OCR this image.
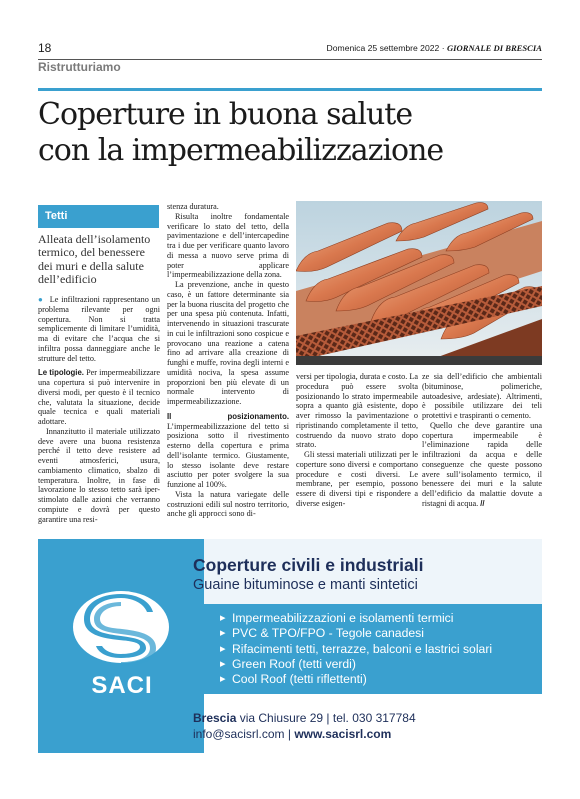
18	Domenica 25 settembre 2022 · GIORNALE DI BRESCIA
Ristrutturiamo
Coperture in buona salute
con la impermeabilizzazione
Tetti
Alleata dell’isolamento termico, del benessere dei muri e della salute dell’edificio

● Le infiltrazioni rappresentano un problema rilevante per ogni copertura. Non si tratta semplicemente di limitare l’umidità, ma di evitare che l’acqua che si infiltra possa danneggiare anche le strutture del tetto.

Le tipologie. Per impermeabilizzare una copertura si può intervenire in diversi modi, per questo è il tecnico che, valutata la situazione, decide quale tecnica e quali materiali adottare.

Innanzitutto il materiale utilizzato deve avere una buona resistenza perché il tetto deve resistere ad eventi atmosferici, usura, cambiamento climatico, sbalzo di temperatura. Inoltre, in fase di lavorazione lo stesso tetto sarà iper-stimolato dalle azioni che verranno compiute e dovrà per questo garantire una resi-

stenza duratura.

Risulta inoltre fondamentale verificare lo stato del tetto, della pavimentazione e dell’intercapedine tra i due per verificare quanto lavoro di messa a nuovo serve prima di poter applicare l’impermeabilizzazione della zona.

La prevenzione, anche in questo caso, è un fattore determinante sia per la buona riuscita del progetto che per una spesa più contenuta. Infatti, intervenendo in situazioni trascurate in cui le infiltrazioni sono cospicue e provocano una reazione a catena fino ad arrivare alla creazione di funghi e muffe, rovina degli interni e umidità nociva, la spesa assume proporzioni ben più elevate di un normale intervento di impermeabilizzazione.

Il posizionamento. L’impermeabilizzazione del tetto si posiziona sotto il rivestimento esterno della copertura e prima dell’isolante termico. Giustamente, lo stesso isolante deve restare asciutto per poter svolgere la sua funzione al 100%.

Vista la natura variegate delle costruzioni edili sul nostro territorio, anche gli approcci sono di-

versi per tipologia, durata e costo. La procedura può essere svolta posizionando lo strato impermeabile sopra a quanto già esistente, dopo aver rimosso la pavimentazione o ripristinando completamente il tetto, costruendo da nuovo strato dopo strato.

Gli stessi materiali utilizzati per le coperture sono diversi e comportano procedure e costi diversi. Le membrane, per esempio, possono essere di diversi tipi e rispondere a diverse esigen-

ze sia dell’edificio che ambientali (bituminose, polimeriche, autoadesive, ardesiate). Altrimenti, è possibile utilizzare dei teli protettivi e traspiranti o cemento.

Quello che deve garantire una copertura impermeabile è l’eliminazione rapida delle infiltrazioni da acqua e delle conseguenze che queste possono avere sull’isolamento termico, il benessere dei muri e la salute dell’edificio da malattie dovute a ristagni di acqua. //

SACI
Coperture civili e industriali
Guaine bituminose e manti sintetici
▸ Impermeabilizzazioni e isolamenti termici
▸ PVC & TPO/FPO - Tegole canadesi
▸ Rifacimenti tetti, terrazze, balconi e lastrici solari
▸ Green Roof (tetti verdi)
▸ Cool Roof (tetti riflettenti)
Brescia via Chiusure 29 | tel. 030 317784
info@sacisrl.com | www.sacisrl.com
